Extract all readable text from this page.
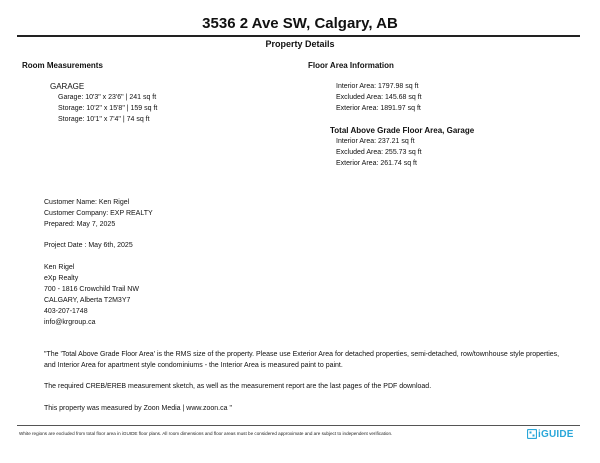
3536 2 Ave SW, Calgary, AB
Property Details
Room Measurements
GARAGE
Garage: 10'3" x 23'6" | 241 sq ft
Storage: 10'2" x 15'8" | 159 sq ft
Storage: 10'1" x 7'4" | 74 sq ft
Floor Area Information
Interior Area: 1797.98 sq ft
Excluded Area: 145.68 sq ft
Exterior Area: 1891.97 sq ft
Total Above Grade Floor Area, Garage
Interior Area: 237.21 sq ft
Excluded Area: 255.73 sq ft
Exterior Area: 261.74 sq ft
Customer Name: Ken Rigel
Customer Company: EXP REALTY
Prepared: May 7, 2025
Project Date : May 6th, 2025
Ken Rigel
eXp Realty
700 - 1816 Crowchild Trail NW
CALGARY, Alberta T2M3Y7
403-207-1748
info@krgroup.ca
"The 'Total Above Grade Floor Area' is the RMS size of the property. Please use Exterior Area for detached properties, semi-detached, row/townhouse style properties, and Interior Area for apartment style condominiums - the Interior Area is measured paint to paint.
The required CREB/EREB measurement sketch, as well as the measurement report are the last pages of the PDF download.
This property was measured by Zoon Media | www.zoon.ca "
White regions are excluded from total floor area in iGUIDE floor plans. All room dimensions and floor areas must be considered approximate and are subject to independent verification.	iGUIDE
